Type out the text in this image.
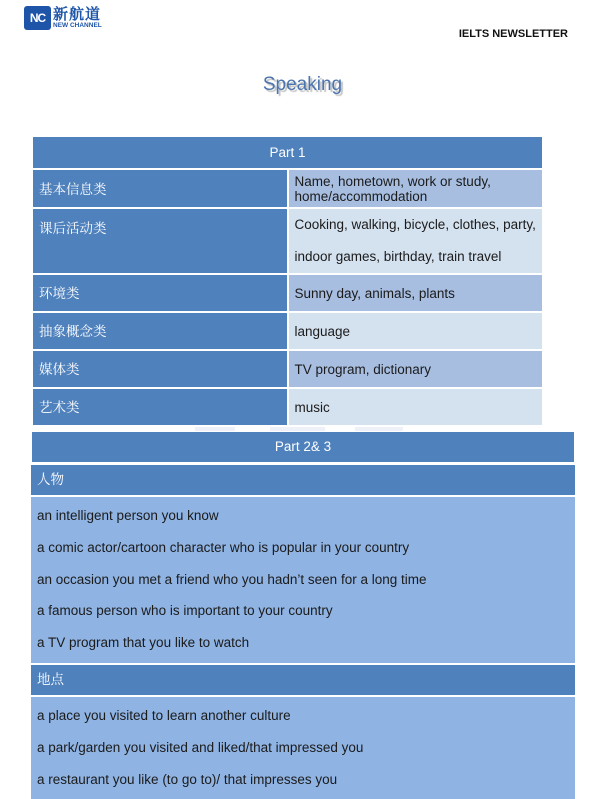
NC 新航道
NEW CHANNEL
IELTS NEWSLETTER
Speaking
Part 1	
基本信息类	Name, hometown, work or study, home/accommodation
课后活动类	Cooking, walking, bicycle, clothes, party, indoor games, birthday, train travel
环境类	Sunny day, animals, plants
抽象概念类	language
媒体类	TV program, dictionary
艺术类	music
Part 2& 3
人物
an intelligent person you know
a comic actor/cartoon character who is popular in your country
an occasion you met a friend who you hadn’t seen for a long time
a famous person who is important to your country
a TV program that you like to watch
地点
a place you visited to learn another culture
a park/garden you visited and liked/that impressed you
a restaurant you like (to go to)/ that impresses you
